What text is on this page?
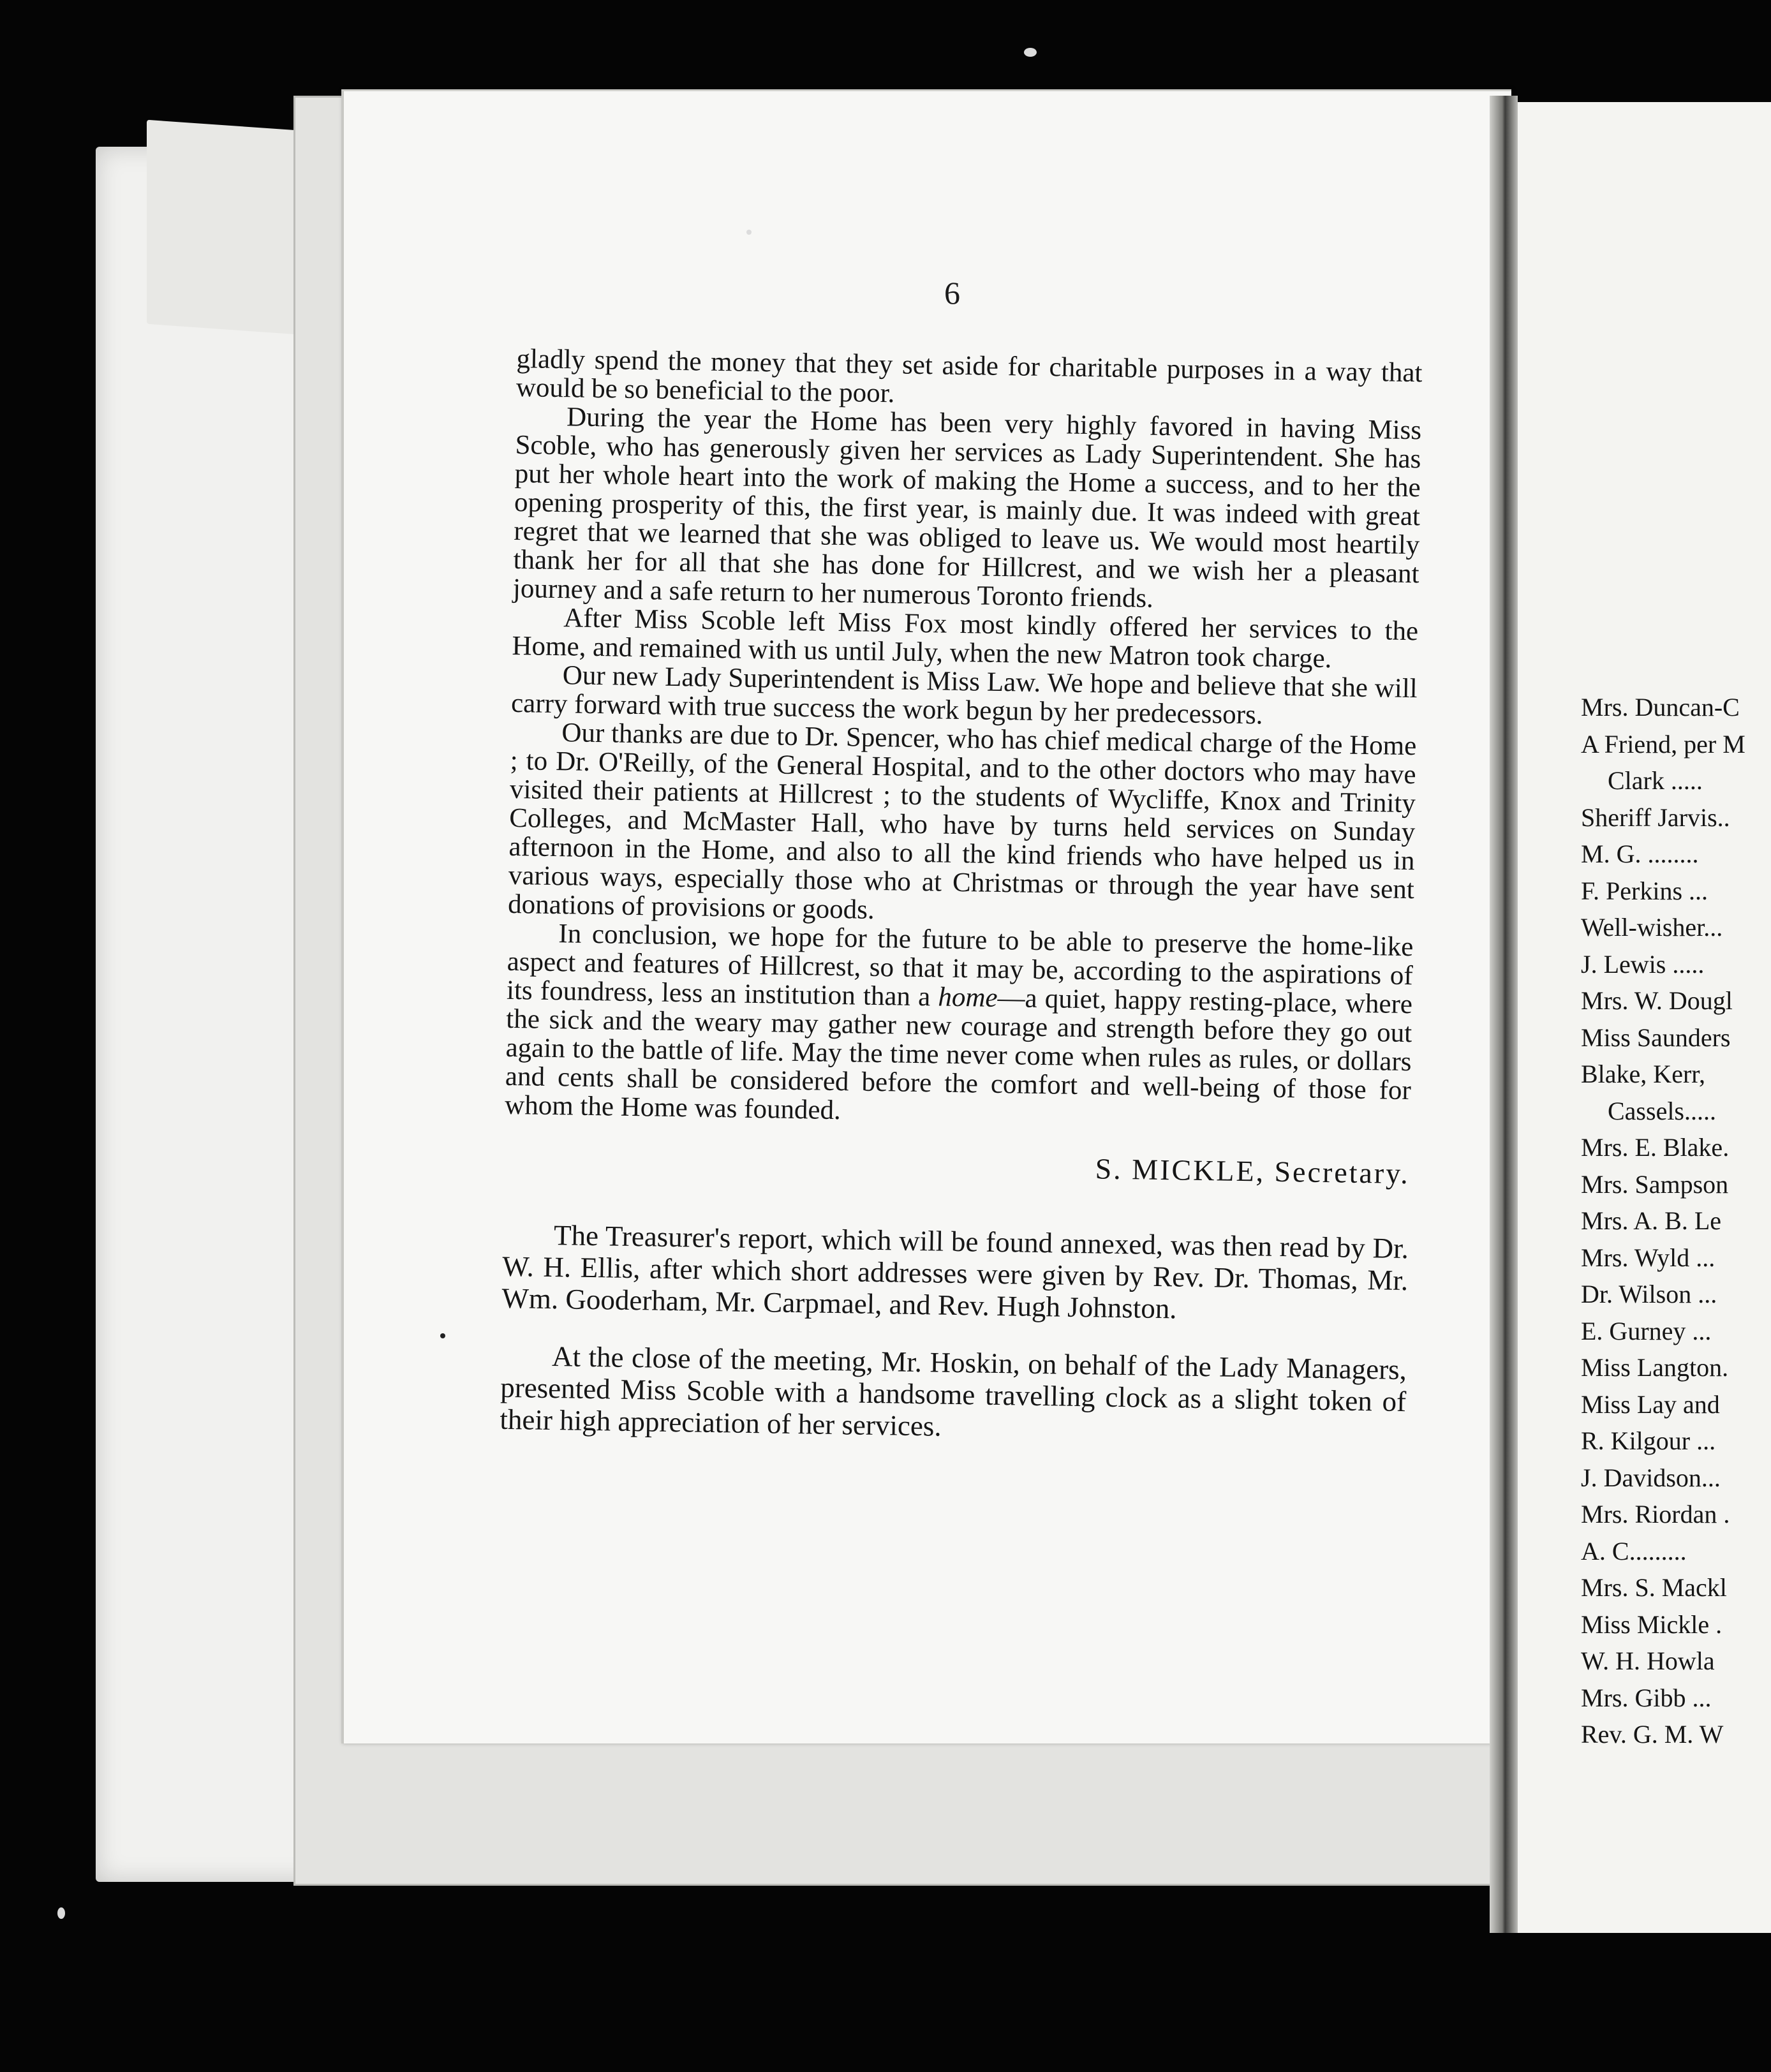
6

gladly spend the money that they set aside for charitable purposes in a way that would be so beneficial to the poor.

During the year the Home has been very highly favored in having Miss Scoble, who has generously given her services as Lady Superintendent. She has put her whole heart into the work of making the Home a success, and to her the opening prosperity of this, the first year, is mainly due. It was indeed with great regret that we learned that she was obliged to leave us. We would most heartily thank her for all that she has done for Hillcrest, and we wish her a pleasant journey and a safe return to her numerous Toronto friends.

After Miss Scoble left Miss Fox most kindly offered her services to the Home, and remained with us until July, when the new Matron took charge.

Our new Lady Superintendent is Miss Law. We hope and believe that she will carry forward with true success the work begun by her predecessors.

Our thanks are due to Dr. Spencer, who has chief medical charge of the Home ; to Dr. O'Reilly, of the General Hospital, and to the other doctors who may have visited their patients at Hillcrest ; to the students of Wycliffe, Knox and Trinity Colleges, and McMaster Hall, who have by turns held services on Sunday afternoon in the Home, and also to all the kind friends who have helped us in various ways, especially those who at Christmas or through the year have sent donations of provisions or goods.

In conclusion, we hope for the future to be able to preserve the home-like aspect and features of Hillcrest, so that it may be, according to the aspirations of its foundress, less an institution than a home—a quiet, happy resting-place, where the sick and the weary may gather new courage and strength before they go out again to the battle of life. May the time never come when rules as rules, or dollars and cents shall be considered before the comfort and well-being of those for whom the Home was founded.

S. MICKLE, Secretary.

The Treasurer's report, which will be found annexed, was then read by Dr. W. H. Ellis, after which short addresses were given by Rev. Dr. Thomas, Mr. Wm. Gooderham, Mr. Carpmael, and Rev. Hugh Johnston.

At the close of the meeting, Mr. Hoskin, on behalf of the Lady Managers, presented Miss Scoble with a handsome travelling clock as a slight token of their high appreciation of her services.

Mrs. Duncan-C
A Friend, per M
Clark .....
Sheriff Jarvis..
M. G. ........
F. Perkins ...
Well-wisher...
J. Lewis .....
Mrs. W. Dougl
Miss Saunders
Blake, Kerr,
Cassels.....
Mrs. E. Blake.
Mrs. Sampson
Mrs. A. B. Le
Mrs. Wyld ...
Dr. Wilson ...
E. Gurney ...
Miss Langton.
Miss Lay and
R. Kilgour ...
J. Davidson...
Mrs. Riordan .
A. C.........
Mrs. S. Mackl
Miss Mickle .
W. H. Howla
Mrs. Gibb ...
Rev. G. M. W
